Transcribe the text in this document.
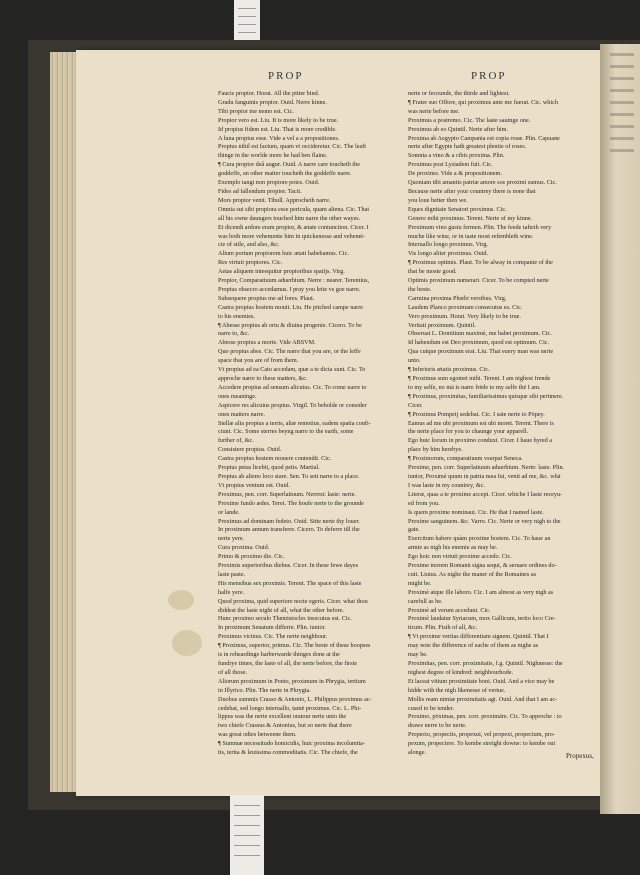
PROP	PROP
Faucis propior. Horat. All the pitter bind.
Gradu fanguinis propior. Ouid. Nerre kinne.
Tibi propior me nemo est. Cic.
Propior vero est. Liu. It is more likely to be true.
Id propius fidem est. Liu. That is more credible.
A luna propius esse. Vide a vel a a propositiones.
Propius nihil est factum, quam vt occideretur. Cic. The leaft
thinge in the worlde more he had ben flaine.
¶ Cura propior deâ augur. Ouid. A narre care toucheth the
goddeffe, an other matter toucheth the goddeffe narre.
Exemplo tangi non propiore potes. Ouid.
Fides ad fallendum propior. Tacit.
Mors propior venit. Tibull. Approcheth narre.
Omnia sui sibi propiora esse pericula, quam aliena. Cic. That
all his owne daungers touched him narre the other wayes.
Et dicendi ardore eram propior, & ætate coniunction. Cicer. I
was both more vehemente him in quickenesse and vehemē-
cie of stile, and also, &c.
Alium portum propiorem huic ætati habebamus. Cic.
Res virtuti propiores. Cic.
Aetas aliquem inteequitur propioribus spatijs. Virg.
Propior, Comparatiuum aduerbium. Nerre : nearer. Terentius,
Propius obsecro accedamus. I pray you lette vs goe narre.
Subsequere propius me ad fores. Plaut.
Castra propius hostem mouit. Liu. He pitched campe narre
to his enemies.
¶ Abesse propius ab ortu & diuina progenie. Cicero. To be
narre to, &c.
Abesse propius a morte. Vide ABSVM.
Quo propius abes. Cic. The narre that you are, or the leffe
space that you are of from them.
Vt propius ad ea Cato accedam, quæ a te dicta sunt. Cic. To
approche narre to these matters, &c.
Accedere propius ad sensum alicuius. Cic. To come narre to
ones meaninge.
Aspicere res alicuius propius. Virgil. To beholde or consider
ones matters narre.
Stellæ alia propius a terris, aliæ remotius, eadem spatia confi-
ciunt. Cic. Some sterres beyng narre to the earth, some
further of, &c.
Consistere propius. Ouid.
Castra propius hostem mouere contendit. Cic.
Propius petas licebit, quod petis. Martial.
Propius ab alieno loco stare. Sen. To sett narre to a place.
Vt propius ventum est. Ouid.
Proximus, pen. corr. Superlatiuum. Nerrest: laste: nerte.
Proxime fundo ædes. Teret. The houfe nerte to the grounde
or lande.
Proximus ad dominam fedeto. Ouid. Sitte nerte thy louer.
In proximum annum transferre. Cicero. To deferre till the
nerte yere.
Cura proxima. Ouid.
Primo & proximo die. Cic.
Proximis superioribus diebus. Cicer. In these fewe dayes
laste paste.
His mensibus sex proximis. Terent. The space of this laste
halfe yere.
Quod proxima, quid superiore nocte egeris. Cicer. what thou
diddest the laste night of all, what the other before.
Hunc proximo seculo Themistocles insecutus est. Cic.
In proximum Senatum differre. Plin. iunior.
Proximus vicinus. Cic. The nerte neighbour.
¶ Proximus, superior, primus. Cic. The beste of these hoopses
is in reheardinge harberwarde thinges done at the
fundrye times, the laste of all, the nerte before, the firste
of all those.
Aliorum proximum in Ponto, proximum in Phrygia, tertium
in Illyrico. Plin. The nerte in Phrygia.
Duobus summis Crasso & Antonio, L. Philippus proximus ac-
cedebat, sed longo interuallo, tamē proximus. Cic. L. Phi-
lippus was the nerte excellent oratour nerte unto the
two chiefe Crassus & Antonius, but so nerte that there
was great odtes betweene them.
¶ Summæ necessitudo homicidis, huic proxima incolumita-
tis, tertia & leuissima commoditatis. Cic. The chiefe, the
nerte or fecounde, the thirde and lightest.
¶ Frater suo Offore, qui proximus ante me fuerat. Cic. which
was nerte before me.
Proximus a postremo. Cic. The laste sauinge one.
Proximus ab eo Quintil. Nerte after him.
Proxima ab Aegypto Campania est copia rosæ. Plin. Capuane
nerte after Egypte hath greatest plentie of roses.
Somnia a vino & a cibis proxima. Plin.
Proximus post Lysiadem fuit. Cic.
De proximo. Vide a & propositionem.
Quoniam tibi amantis patriæ amore sos proximi sumus. Cic.
Because nerte after your countrey there is none that
you loue better then we.
Eques dignitate Senatori proximus. Cic.
Genere mihi proximus. Terent. Nerte of my kinne.
Proximum vino gustu fermen. Plin. The feede tafteth very
muche like wine, or in taste most refembleth wine.
Interuallo longo proximus. Virg.
Vis longo aliter proximus. Ouid.
¶ Proximus optimis. Plaut. To be alway in companie of the
that be moste good.
Optimis proximum numerari. Cicer. To be compted nerte
the beste.
Carmina proxima Phœbi versibus. Virg.
Laudem Planco proximam consecutus es. Cic.
Vero proximum. Horat. Very likely to be true.
Veritati proximum. Quintil.
Obseruat L. Domitium maximè, me habet proximum. Cic.
Id habendum est Deo proximum, quod est optimum. Cic.
Qua cuique proximum erat. Liu. That euery man was nerte
unto.
¶ Inferioris ætatis proximus. Cic.
¶ Proximus sum egomet mihi. Terent. I am nighest frende
to my selfe, no mā is narre frēde to my selfe thē I am.
¶ Proximus, proximitas, familiarissimus quisque sibi pertinere.
Cicer.
¶ Proximus Pompeij sedebat. Cic. I sate nerte to Pōpey.
Eamus ad me ubi proximum est ubi moret. Terent. There is
the nerte place for you to chaunge your apparell.
Ego huic locum in proximo conduxi. Cicer. I haue hyred a
place by him herebye.
¶ Proximorum, comparatiuum vsurpat Seneca.
Proxime, pen. corr. Superlatiuum aduerbium. Nerte: laste. Plin.
iunior, Proximè quum in patria mea fui, venit ad me, &c. whā
I was laste in my countrey, &c.
Literæ, quas a te proxime accepi. Cicer. whiche I laste receyu-
ed from you.
Is quem proxime nominaui. Cic. He that I named laste.
Proxime sanguinem. &c. Varro. Cic. Nerte or very nigh to the
gate.
Exercitum habere quàm proxime hostem. Cic. To haue an
armie as nigh his enemie as may be.
Ego hoic non virtuti proxime accedo. Cic.
Proxime morem Romanū signa sequi, & seruare ordines do-
cuit. Liuius. As nighe the maner of the Romaines as
might be.
Proximè atque ille laboro. Cic. I am almost as very nigh as
carefull as he.
Proximè ad verum accedunt. Cic.
Proximè laudatur Syriacum, mox Gallicum, tertio loco Cre-
ticum. Plin. Fisth of all, &c.
¶ Vt proxime veritas differentiam signem. Quintil. That I
may note the difference of eache of them as nighe as
may be.
Proximitas, pen. corr. proximitatis, f.g. Quintil. Nighnesse: the
nighest degree of kindred: neighbourhode.
Et laceat vitium proximitate boni. Ouid. And a vice may be
hidde with the nigh likenesse of vertue.
Mollis ream nimiæ proximitatis agi. Ouid. And that I am ac-
cused to be tender.
Proximo, pōximas, pen. corr. proximāre. Cic. To approche : to
drawe nerre to be nerte.
Propecto, propectis, propexui, vel propexi, propectum, pro-
pexum, propectere. To kembe streight downe: to kembe out
alonge.	Propexus,
